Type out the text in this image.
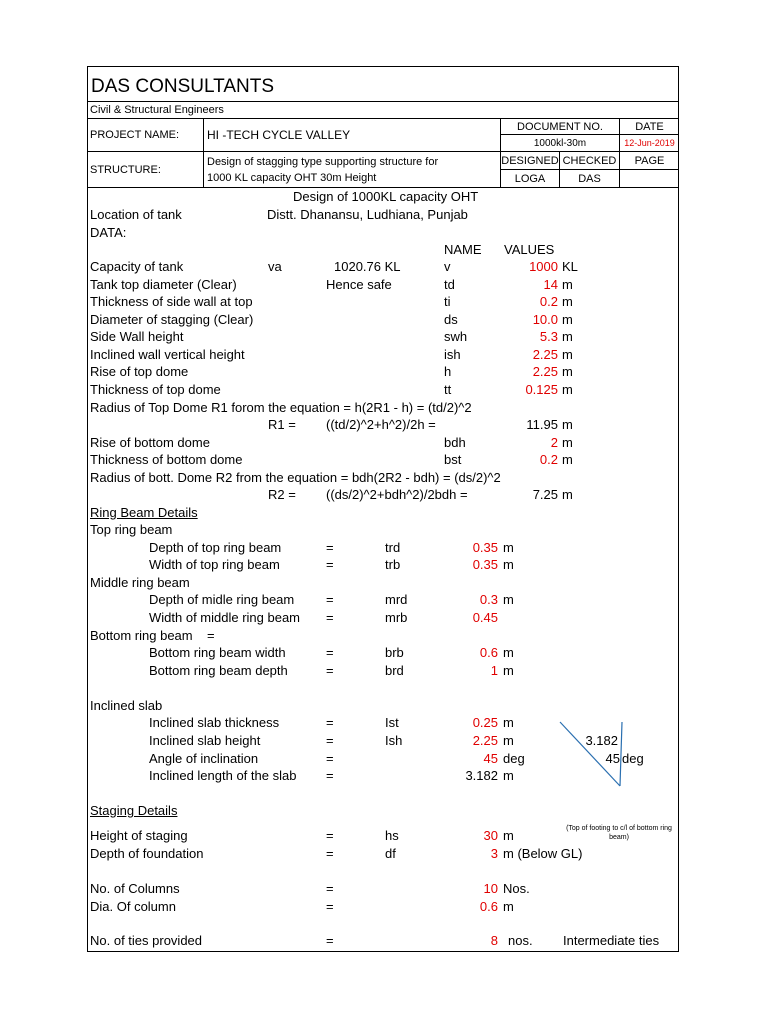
DAS CONSULTANTS
Civil & Structural Engineers
PROJECT NAME: HI -TECH CYCLE VALLEY
DOCUMENT NO.	DATE
1000kl-30m	12-Jun-2019
STRUCTURE:
Design of stagging type supporting structure for
1000 KL capacity OHT 30m Height
DESIGNED CHECKED PAGE
LOGA	DAS
Design of 1000KL capacity OHT
Location of tank	Distt. Dhanansu, Ludhiana, Punjab
DATA:
NAME VALUES
Capacity of tank	va	1020.76 KL	v	1000 KL
Tank top diameter (Clear)	Hence safe	td	14 m
Thickness of side wall at top	ti	0.2 m
Diameter of stagging (Clear)	ds	10.0 m
Side Wall height	swh	5.3 m
Inclined wall vertical height	ish	2.25 m
Rise of top dome	h	2.25 m
Thickness of top dome	tt	0.125 m
Radius of Top Dome R1 forom the equation = h(2R1 - h) = (td/2)^2
R1 = ((td/2)^2+h^2)/2h =	11.95 m
Rise of bottom dome	bdh	2 m
Thickness of bottom dome	bst	0.2 m
Radius of bott. Dome R2 from the equation = bdh(2R2 - bdh) = (ds/2)^2
R2 = ((ds/2)^2+bdh^2)/2bdh =	7.25 m
Ring Beam Details
Top ring beam
Depth of top ring beam	=	trd	0.35 m
Width of top ring beam	=	trb	0.35 m
Middle ring beam
Depth of midle ring beam =	mrd	0.3 m
Width of middle ring beam =	mrb	0.45
Bottom ring beam    =
Bottom ring beam width	=	brb	0.6 m
Bottom ring beam depth	=	brd	1 m
Inclined slab
Inclined slab thickness	=	Ist	0.25 m
Inclined slab height	=	Ish	2.25 m
Angle of inclination	=	45 deg
Inclined length of the slab =	3.182 m
3.182
45 deg
Staging Details
Height of staging	=	hs	30 m	(Top of footing to c/l of bottom ring beam)
Depth of foundation	=	df	3 m (Below GL)
No. of Columns	=	10 Nos.
Dia. Of column	=	0.6 m
No. of ties provided	=	8 nos. Intermediate ties
